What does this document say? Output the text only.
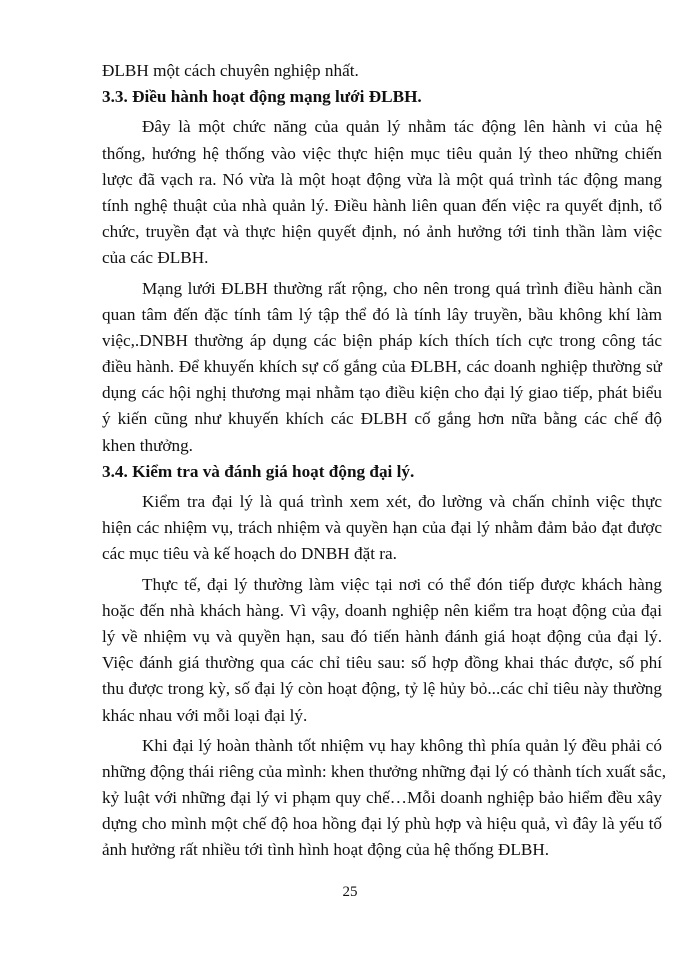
ĐLBH một cách chuyên nghiệp nhất.
3.3. Điều hành hoạt động mạng lưới ĐLBH.
Đây là một chức năng của quản lý nhằm tác động lên hành vi của hệ
thống, hướng hệ thống vào việc thực hiện mục tiêu quản lý theo những chiến
lược đã vạch ra. Nó vừa là một hoạt động vừa là một quá trình tác động mang
tính nghệ thuật của nhà quản lý. Điều hành liên quan đến việc ra quyết định, tổ
chức, truyền đạt và thực hiện quyết định, nó ảnh hưởng tới tinh thần làm việc
của các ĐLBH.
Mạng lưới ĐLBH thường rất rộng, cho nên trong quá trình điều hành cần
quan tâm đến đặc tính tâm lý tập thể đó là tính lây truyền, bầu không khí làm
việc,.DNBH thường áp dụng các biện pháp kích thích tích cực trong công tác
điều hành. Để khuyến khích sự cố gắng của ĐLBH, các doanh nghiệp thường sử
dụng các hội nghị thương mại nhằm tạo điều kiện cho đại lý giao tiếp, phát biểu
ý kiến cũng như khuyến khích các ĐLBH cố gắng hơn nữa bằng các chế độ
khen thưởng.
3.4. Kiểm tra và đánh giá hoạt động đại lý.
Kiểm tra đại lý là quá trình xem xét, đo lường và chấn chỉnh việc thực
hiện các nhiệm vụ, trách nhiệm và quyền hạn của đại lý nhằm đảm bảo đạt được
các mục tiêu và kế hoạch do DNBH đặt ra.
Thực tế, đại lý thường làm việc tại nơi có thể đón tiếp được khách hàng
hoặc đến nhà khách hàng. Vì vậy, doanh nghiệp nên kiểm tra hoạt động của đại
lý về nhiệm vụ và quyền hạn, sau đó tiến hành đánh giá hoạt động của đại lý.
Việc đánh giá thường qua các chỉ tiêu sau: số hợp đồng khai thác được, số phí
thu được trong kỳ, số đại lý còn hoạt động, tỷ lệ hủy bỏ...các chỉ tiêu này thường
khác nhau với mỗi loại đại lý.
Khi đại lý hoàn thành tốt nhiệm vụ hay không thì phía quản lý đều phải có
những động thái riêng của mình: khen thưởng những đại lý có thành tích xuất sắc,
kỷ luật với những đại lý vi phạm quy chế…Mỗi doanh nghiệp bảo hiểm đều xây
dựng cho mình một chế độ hoa hồng đại lý phù hợp và hiệu quả, vì đây là yếu tố
ảnh hưởng rất nhiều tới tình hình hoạt động của hệ thống ĐLBH.
25
